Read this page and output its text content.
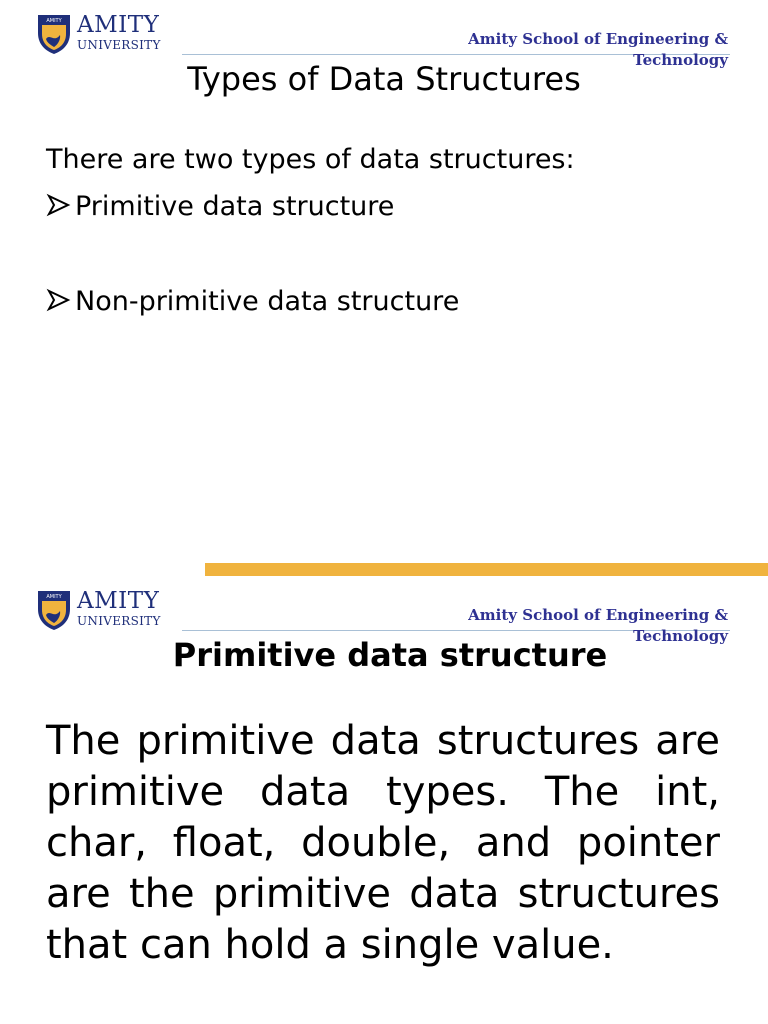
AMITY AMITY
UNIVERSITY	Amity School of Engineering &
Technology
Types of Data Structures
There are two types of data structures:
Primitive data structure
Non-primitive data structure
AMITY AMITY
UNIVERSITY	Amity School of Engineering &
Technology
Primitive data structure
The primitive data structures are primitive data types. The int, char, float, double, and pointer are the primitive data structures that can hold a single value.
